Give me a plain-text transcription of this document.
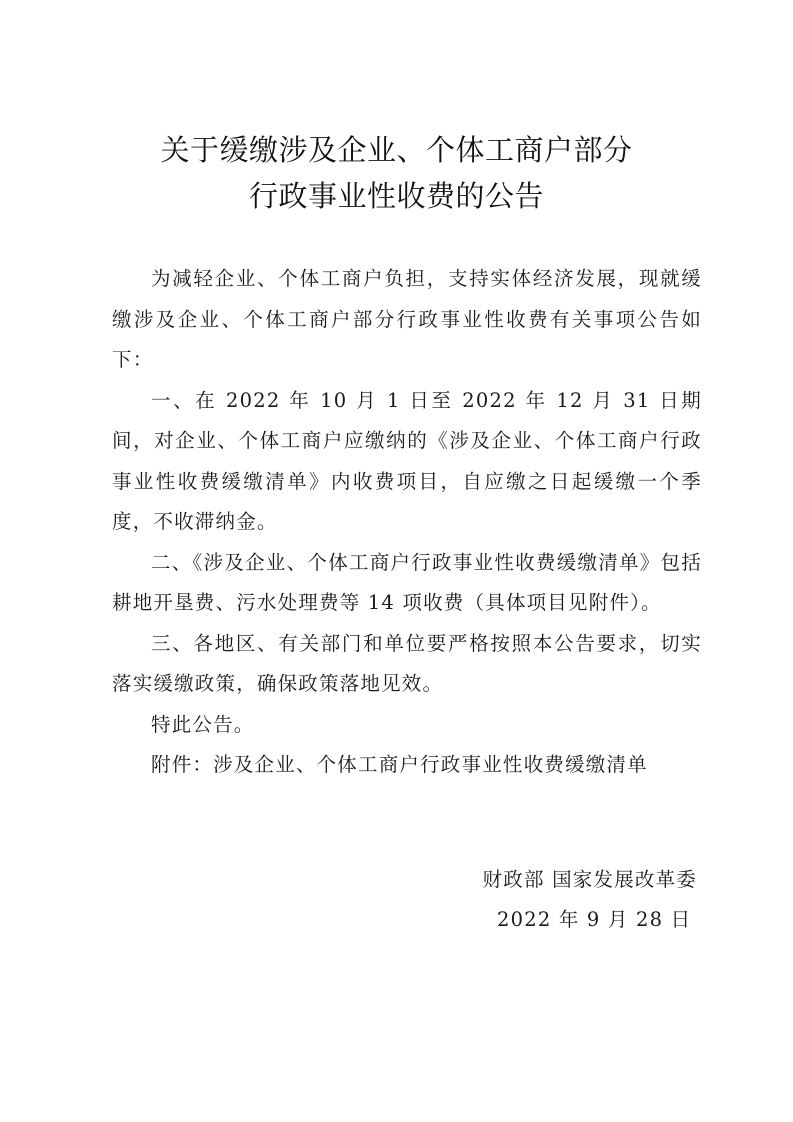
关于缓缴涉及企业、个体工商户部分
行政事业性收费的公告

为减轻企业、个体工商户负担，支持实体经济发展，现就缓缴涉及企业、个体工商户部分行政事业性收费有关事项公告如下：

一、在 2022 年 10 月 1 日至 2022 年 12 月 31 日期间，对企业、个体工商户应缴纳的《涉及企业、个体工商户行政事业性收费缓缴清单》内收费项目，自应缴之日起缓缴一个季度，不收滞纳金。

二、《涉及企业、个体工商户行政事业性收费缓缴清单》包括耕地开垦费、污水处理费等 14 项收费（具体项目见附件）。

三、各地区、有关部门和单位要严格按照本公告要求，切实落实缓缴政策，确保政策落地见效。

特此公告。

附件：涉及企业、个体工商户行政事业性收费缓缴清单

财政部 国家发展改革委
2022 年 9 月 28 日
